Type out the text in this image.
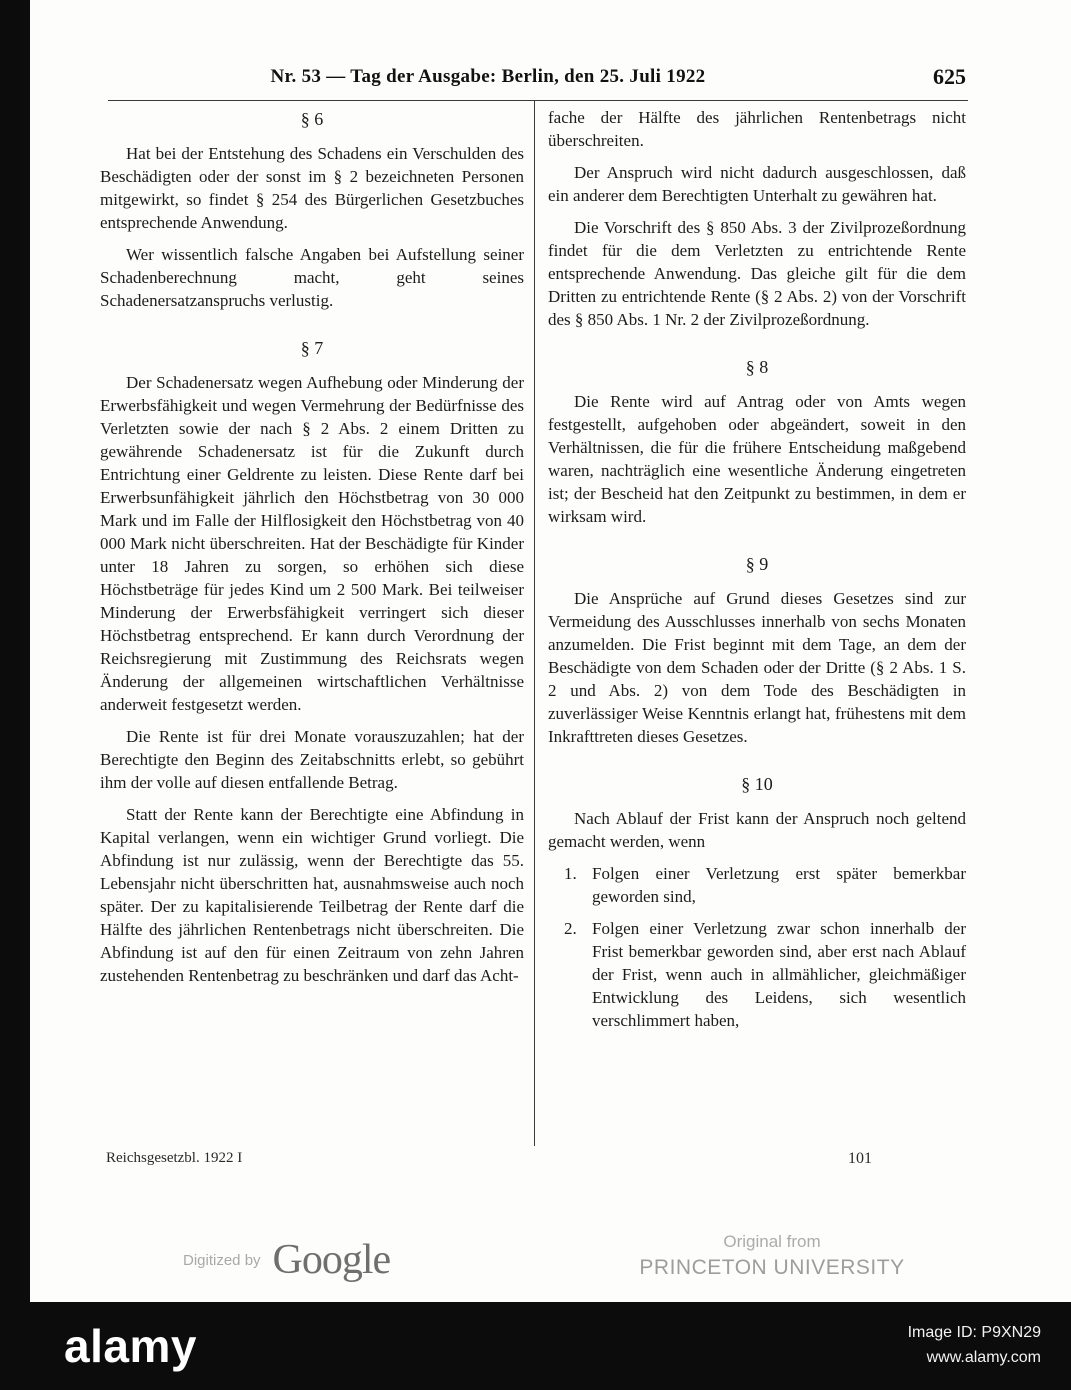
Nr. 53 — Tag der Ausgabe: Berlin, den 25. Juli 1922	625
§ 6

Hat bei der Entstehung des Schadens ein Verschulden des Beschädigten oder der sonst im § 2 bezeichneten Personen mitgewirkt, so findet § 254 des Bürgerlichen Gesetzbuches entsprechende Anwendung.

Wer wissentlich falsche Angaben bei Aufstellung seiner Schadenberechnung macht, geht seines Schadenersatzanspruchs verlustig.

§ 7

Der Schadenersatz wegen Aufhebung oder Minderung der Erwerbsfähigkeit und wegen Vermehrung der Bedürfnisse des Verletzten sowie der nach § 2 Abs. 2 einem Dritten zu gewährende Schadenersatz ist für die Zukunft durch Entrichtung einer Geldrente zu leisten. Diese Rente darf bei Erwerbsunfähigkeit jährlich den Höchstbetrag von 30 000 Mark und im Falle der Hilflosigkeit den Höchstbetrag von 40 000 Mark nicht überschreiten. Hat der Beschädigte für Kinder unter 18 Jahren zu sorgen, so erhöhen sich diese Höchstbeträge für jedes Kind um 2 500 Mark. Bei teilweiser Minderung der Erwerbsfähigkeit verringert sich dieser Höchstbetrag entsprechend. Er kann durch Verordnung der Reichsregierung mit Zustimmung des Reichsrats wegen Änderung der allgemeinen wirtschaftlichen Verhältnisse anderweit festgesetzt werden.

Die Rente ist für drei Monate vorauszuzahlen; hat der Berechtigte den Beginn des Zeitabschnitts erlebt, so gebührt ihm der volle auf diesen entfallende Betrag.

Statt der Rente kann der Berechtigte eine Abfindung in Kapital verlangen, wenn ein wichtiger Grund vorliegt. Die Abfindung ist nur zulässig, wenn der Berechtigte das 55. Lebensjahr nicht überschritten hat, ausnahmsweise auch noch später. Der zu kapitalisierende Teilbetrag der Rente darf die Hälfte des jährlichen Rentenbetrags nicht überschreiten. Die Abfindung ist auf den für einen Zeitraum von zehn Jahren zustehenden Rentenbetrag zu beschränken und darf das Acht-

fache der Hälfte des jährlichen Rentenbetrags nicht überschreiten.

Der Anspruch wird nicht dadurch ausgeschlossen, daß ein anderer dem Berechtigten Unterhalt zu gewähren hat.

Die Vorschrift des § 850 Abs. 3 der Zivilprozeßordnung findet für die dem Verletzten zu entrichtende Rente entsprechende Anwendung. Das gleiche gilt für die dem Dritten zu entrichtende Rente (§ 2 Abs. 2) von der Vorschrift des § 850 Abs. 1 Nr. 2 der Zivilprozeßordnung.

§ 8

Die Rente wird auf Antrag oder von Amts wegen festgestellt, aufgehoben oder abgeändert, soweit in den Verhältnissen, die für die frühere Entscheidung maßgebend waren, nachträglich eine wesentliche Änderung eingetreten ist; der Bescheid hat den Zeitpunkt zu bestimmen, in dem er wirksam wird.

§ 9

Die Ansprüche auf Grund dieses Gesetzes sind zur Vermeidung des Ausschlusses innerhalb von sechs Monaten anzumelden. Die Frist beginnt mit dem Tage, an dem der Beschädigte von dem Schaden oder der Dritte (§ 2 Abs. 1 S. 2 und Abs. 2) von dem Tode des Beschädigten in zuverlässiger Weise Kenntnis erlangt hat, frühestens mit dem Inkrafttreten dieses Gesetzes.

§ 10

Nach Ablauf der Frist kann der Anspruch noch geltend gemacht werden, wenn

1. Folgen einer Verletzung erst später bemerkbar geworden sind,
2. Folgen einer Verletzung zwar schon innerhalb der Frist bemerkbar geworden sind, aber erst nach Ablauf der Frist, wenn auch in allmählicher, gleichmäßiger Entwicklung des Leidens, sich wesentlich verschlimmert haben,
Reichsgesetzbl. 1922 I	101
Digitized by Google	Original from
PRINCETON UNIVERSITY
alamy	Image ID: P9XN29
www.alamy.com
